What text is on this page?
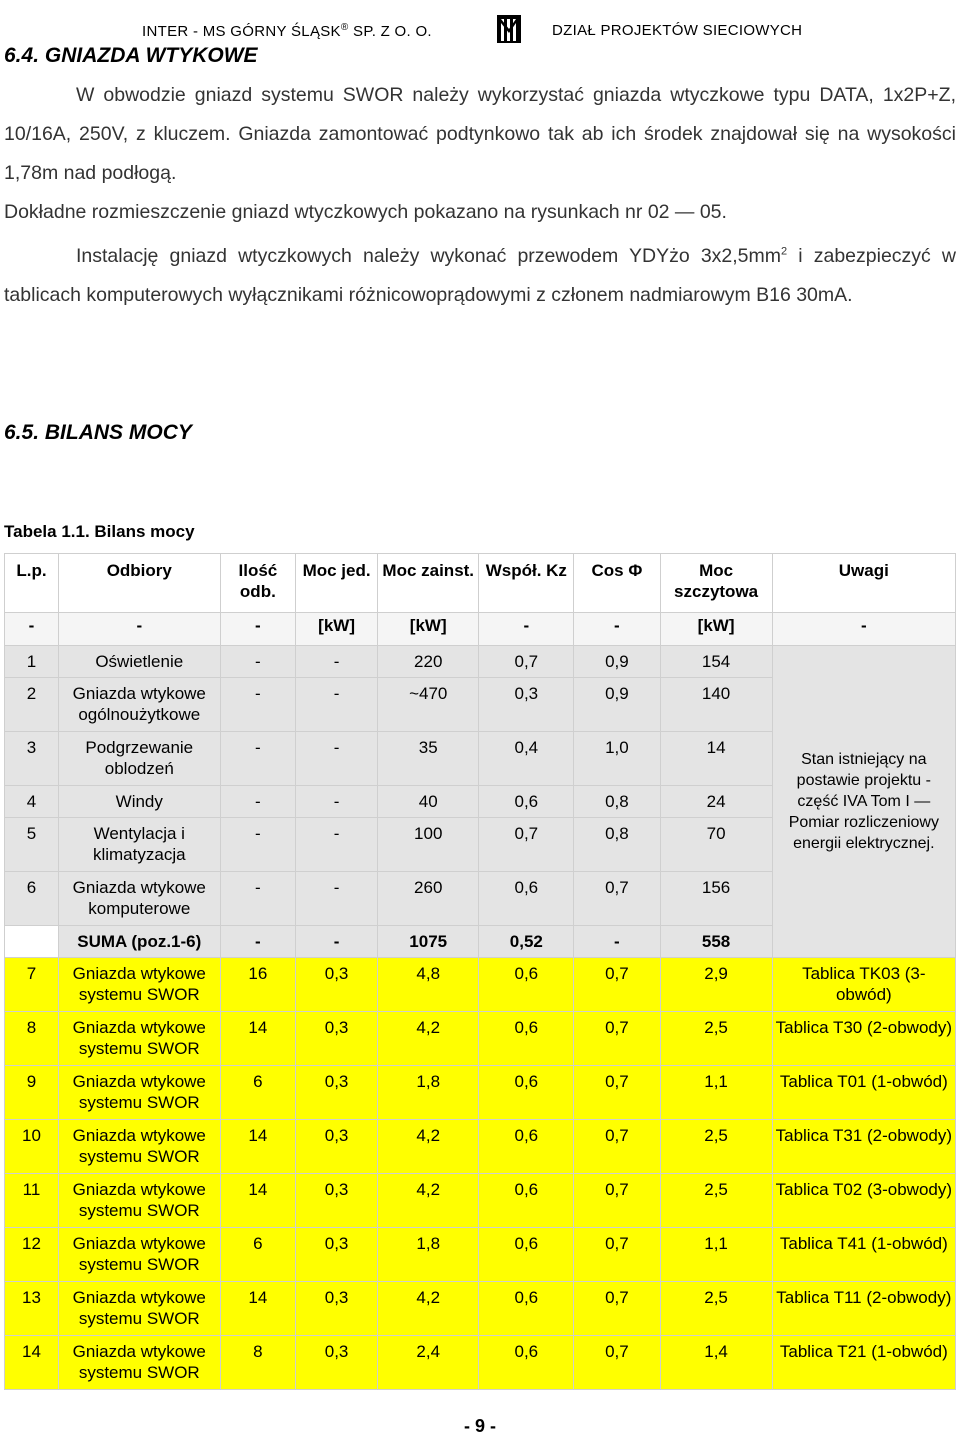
INTER - MS GÓRNY ŚLĄSK® SP. Z O. O.	DZIAŁ PROJEKTÓW SIECIOWYCH
6.4. GNIAZDA WTYKOWE
W obwodzie gniazd systemu SWOR należy wykorzystać gniazda wtyczkowe typu DATA, 1x2P+Z, 10/16A, 250V, z kluczem. Gniazda zamontować podtynkowo tak ab ich środek znajdował się na wysokości 1,78m nad podłogą.
Dokładne rozmieszczenie gniazd wtyczkowych pokazano na rysunkach nr 02 — 05.
Instalację gniazd wtyczkowych należy wykonać przewodem YDYżo $3x2,5mm^2$ i zabezpieczyć w tablicach komputerowych wyłącznikami różnicowoprądowymi z członem nadmiarowym B16 30mA.
6.5. BILANS MOCY
Tabela 1.1. Bilans mocy
L.p.	Odbiory	Ilość odb.	Moc jed.	Moc zainst.	Współ. Kz	Cos Φ	Moc szczytowa	Uwagi
-	-	-	[kW]	[kW]	-	-	[kW]	-
1	Oświetlenie	-	-	220	0,7	0,9	154	Stan istniejący na postawie projektu - część IVA Tom I — Pomiar rozliczeniowy energii elektrycznej.
2	Gniazda wtykowe ogólnoużytkowe	-	-	~470	0,3	0,9	140	
3	Podgrzewanie oblodzeń	-	-	35	0,4	1,0	14	
4	Windy	-	-	40	0,6	0,8	24	
5	Wentylacja i klimatyzacja	-	-	100	0,7	0,8	70	
6	Gniazda wtykowe komputerowe	-	-	260	0,6	0,7	156	
	SUMA (poz.1-6)	-	-	1075	0,52	-	558	
7	Gniazda wtykowe systemu SWOR	16	0,3	4,8	0,6	0,7	2,9	Tablica TK03 (3-obwód)
8	Gniazda wtykowe systemu SWOR	14	0,3	4,2	0,6	0,7	2,5	Tablica T30 (2-obwody)
9	Gniazda wtykowe systemu SWOR	6	0,3	1,8	0,6	0,7	1,1	Tablica T01 (1-obwód)
10	Gniazda wtykowe systemu SWOR	14	0,3	4,2	0,6	0,7	2,5	Tablica T31 (2-obwody)
11	Gniazda wtykowe systemu SWOR	14	0,3	4,2	0,6	0,7	2,5	Tablica T02 (3-obwody)
12	Gniazda wtykowe systemu SWOR	6	0,3	1,8	0,6	0,7	1,1	Tablica T41 (1-obwód)
13	Gniazda wtykowe systemu SWOR	14	0,3	4,2	0,6	0,7	2,5	Tablica T11 (2-obwody)
14	Gniazda wtykowe systemu SWOR	8	0,3	2,4	0,6	0,7	1,4	Tablica T21 (1-obwód)
- 9 -
